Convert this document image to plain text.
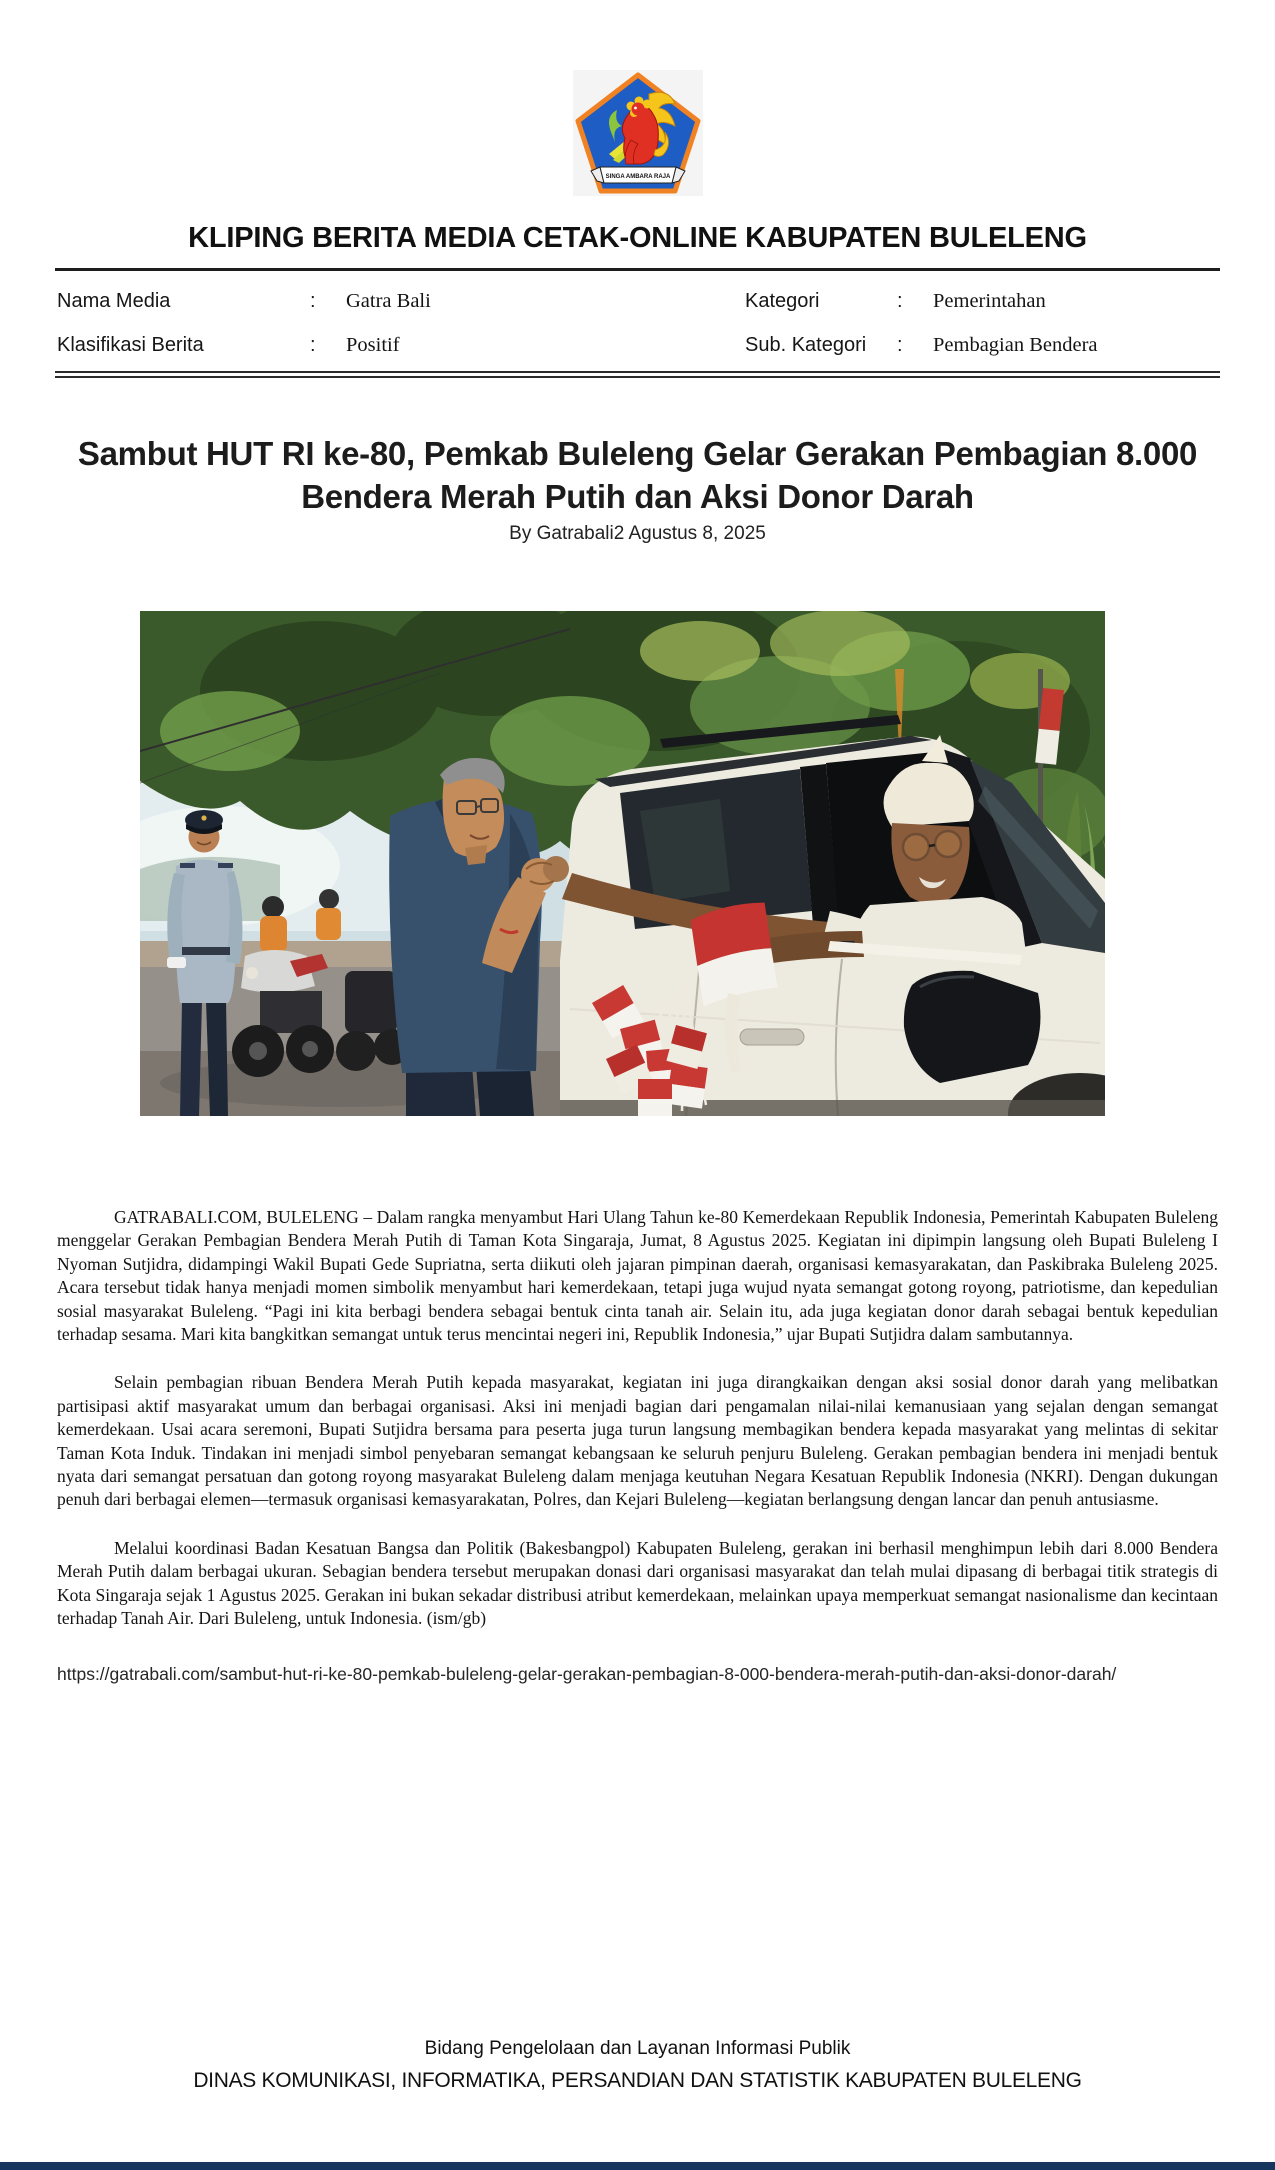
SINGA AMBARA RAJA
KLIPING BERITA MEDIA CETAK-ONLINE KABUPATEN BULELENG
Nama Media	:	Gatra Bali
Klasifikasi Berita	:	Positif
Kategori	:	Pemerintahan
Sub. Kategori	:	Pembagian Bendera
Sambut HUT RI ke-80, Pemkab Buleleng Gelar Gerakan Pembagian 8.000 Bendera Merah Putih dan Aksi Donor Darah
By Gatrabali2 Agustus 8, 2025

GATRABALI.COM, BULELENG – Dalam rangka menyambut Hari Ulang Tahun ke-80 Kemerdekaan Republik Indonesia, Pemerintah Kabupaten Buleleng menggelar Gerakan Pembagian Bendera Merah Putih di Taman Kota Singaraja, Jumat, 8 Agustus 2025. Kegiatan ini dipimpin langsung oleh Bupati Buleleng I Nyoman Sutjidra, didampingi Wakil Bupati Gede Supriatna, serta diikuti oleh jajaran pimpinan daerah, organisasi kemasyarakatan, dan Paskibraka Buleleng 2025. Acara tersebut tidak hanya menjadi momen simbolik menyambut hari kemerdekaan, tetapi juga wujud nyata semangat gotong royong, patriotisme, dan kepedulian sosial masyarakat Buleleng. “Pagi ini kita berbagi bendera sebagai bentuk cinta tanah air. Selain itu, ada juga kegiatan donor darah sebagai bentuk kepedulian terhadap sesama. Mari kita bangkitkan semangat untuk terus mencintai negeri ini, Republik Indonesia,” ujar Bupati Sutjidra dalam sambutannya.

Selain pembagian ribuan Bendera Merah Putih kepada masyarakat, kegiatan ini juga dirangkaikan dengan aksi sosial donor darah yang melibatkan partisipasi aktif masyarakat umum dan berbagai organisasi. Aksi ini menjadi bagian dari pengamalan nilai-nilai kemanusiaan yang sejalan dengan semangat kemerdekaan. Usai acara seremoni, Bupati Sutjidra bersama para peserta juga turun langsung membagikan bendera kepada masyarakat yang melintas di sekitar Taman Kota Induk. Tindakan ini menjadi simbol penyebaran semangat kebangsaan ke seluruh penjuru Buleleng. Gerakan pembagian bendera ini menjadi bentuk nyata dari semangat persatuan dan gotong royong masyarakat Buleleng dalam menjaga keutuhan Negara Kesatuan Republik Indonesia (NKRI). Dengan dukungan penuh dari berbagai elemen—termasuk organisasi kemasyarakatan, Polres, dan Kejari Buleleng—kegiatan berlangsung dengan lancar dan penuh antusiasme.

Melalui koordinasi Badan Kesatuan Bangsa dan Politik (Bakesbangpol) Kabupaten Buleleng, gerakan ini berhasil menghimpun lebih dari 8.000 Bendera Merah Putih dalam berbagai ukuran. Sebagian bendera tersebut merupakan donasi dari organisasi masyarakat dan telah mulai dipasang di berbagai titik strategis di Kota Singaraja sejak 1 Agustus 2025. Gerakan ini bukan sekadar distribusi atribut kemerdekaan, melainkan upaya memperkuat semangat nasionalisme dan kecintaan terhadap Tanah Air. Dari Buleleng, untuk Indonesia. (ism/gb)

https://gatrabali.com/sambut-hut-ri-ke-80-pemkab-buleleng-gelar-gerakan-pembagian-8-000-bendera-merah-putih-dan-aksi-donor-darah/

Bidang Pengelolaan dan Layanan Informasi Publik
DINAS KOMUNIKASI, INFORMATIKA, PERSANDIAN DAN STATISTIK KABUPATEN BULELENG
